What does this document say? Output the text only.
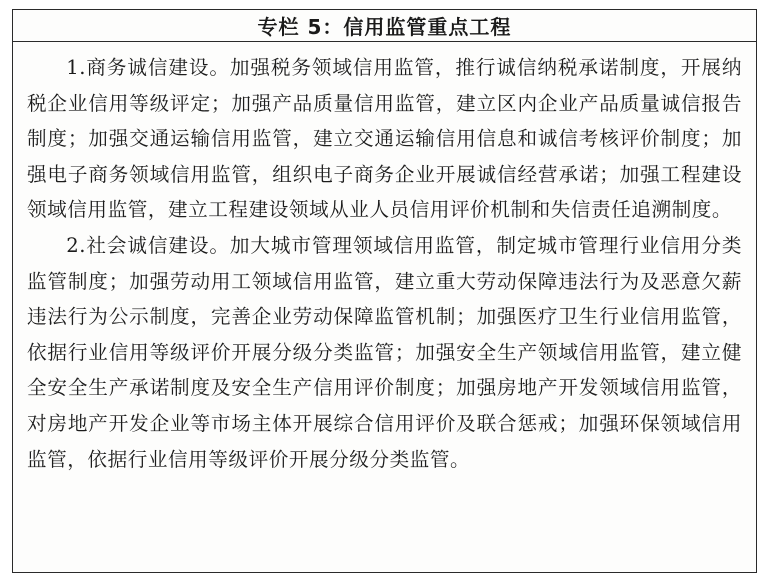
专栏 5：信用监管重点工程

1.商务诚信建设。加强税务领域信用监管，推行诚信纳税承诺制度，开展纳税企业信用等级评定；加强产品质量信用监管，建立区内企业产品质量诚信报告制度；加强交通运输信用监管，建立交通运输信用信息和诚信考核评价制度；加强电子商务领域信用监管，组织电子商务企业开展诚信经营承诺；加强工程建设领域信用监管，建立工程建设领域从业人员信用评价机制和失信责任追溯制度。

2.社会诚信建设。加大城市管理领域信用监管，制定城市管理行业信用分类监管制度；加强劳动用工领域信用监管，建立重大劳动保障违法行为及恶意欠薪违法行为公示制度，完善企业劳动保障监管机制；加强医疗卫生行业信用监管，依据行业信用等级评价开展分级分类监管；加强安全生产领域信用监管，建立健全安全生产承诺制度及安全生产信用评价制度；加强房地产开发领域信用监管，对房地产开发企业等市场主体开展综合信用评价及联合惩戒；加强环保领域信用监管，依据行业信用等级评价开展分级分类监管。
